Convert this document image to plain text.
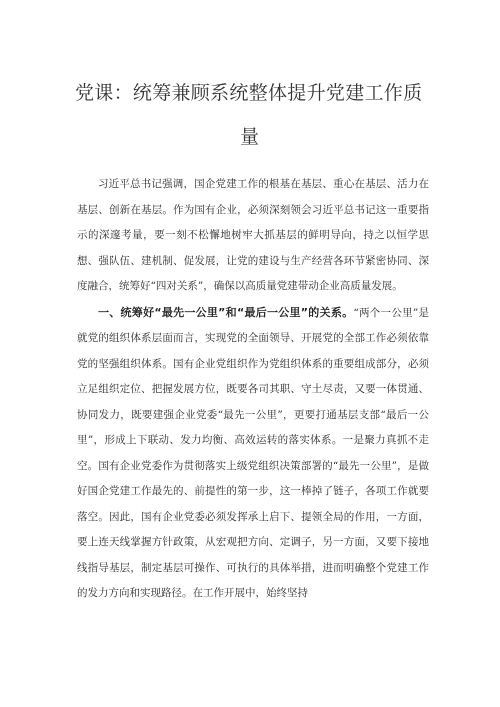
党课：统筹兼顾系统整体提升党建工作质
量

习近平总书记强调，国企党建工作的根基在基层、重心在基层、活力在基层、创新在基层。作为国有企业，必须深刻领会习近平总书记这一重要指示的深邃考量，要一刻不松懈地树牢大抓基层的鲜明导向，持之以恒学思想、强队伍、建机制、促发展，让党的建设与生产经营各环节紧密协同、深度融合，统筹好“四对关系”，确保以高质量党建带动企业高质量发展。

一、统筹好“最先一公里”和“最后一公里”的关系。“两个一公里”是就党的组织体系层面而言，实现党的全面领导、开展党的全部工作必须依靠党的坚强组织体系。国有企业党组织作为党组织体系的重要组成部分，必须立足组织定位、把握发展方位，既要各司其职、守土尽责，又要一体贯通、协同发力，既要建强企业党委“最先一公里”，更要打通基层支部“最后一公里”，形成上下联动、发力均衡、高效运转的落实体系。一是聚力真抓不走空。国有企业党委作为贯彻落实上级党组织决策部署的“最先一公里”，是做好国企党建工作最先的、前提性的第一步，这一棒掉了链子，各项工作就要落空。因此，国有企业党委必须发挥承上启下、提领全局的作用，一方面，要上连天线掌握方针政策，从宏观把方向、定调子，另一方面，又要下接地线指导基层，制定基层可操作、可执行的具体举措，进而明确整个党建工作的发力方向和实现路径。在工作开展中，始终坚持
